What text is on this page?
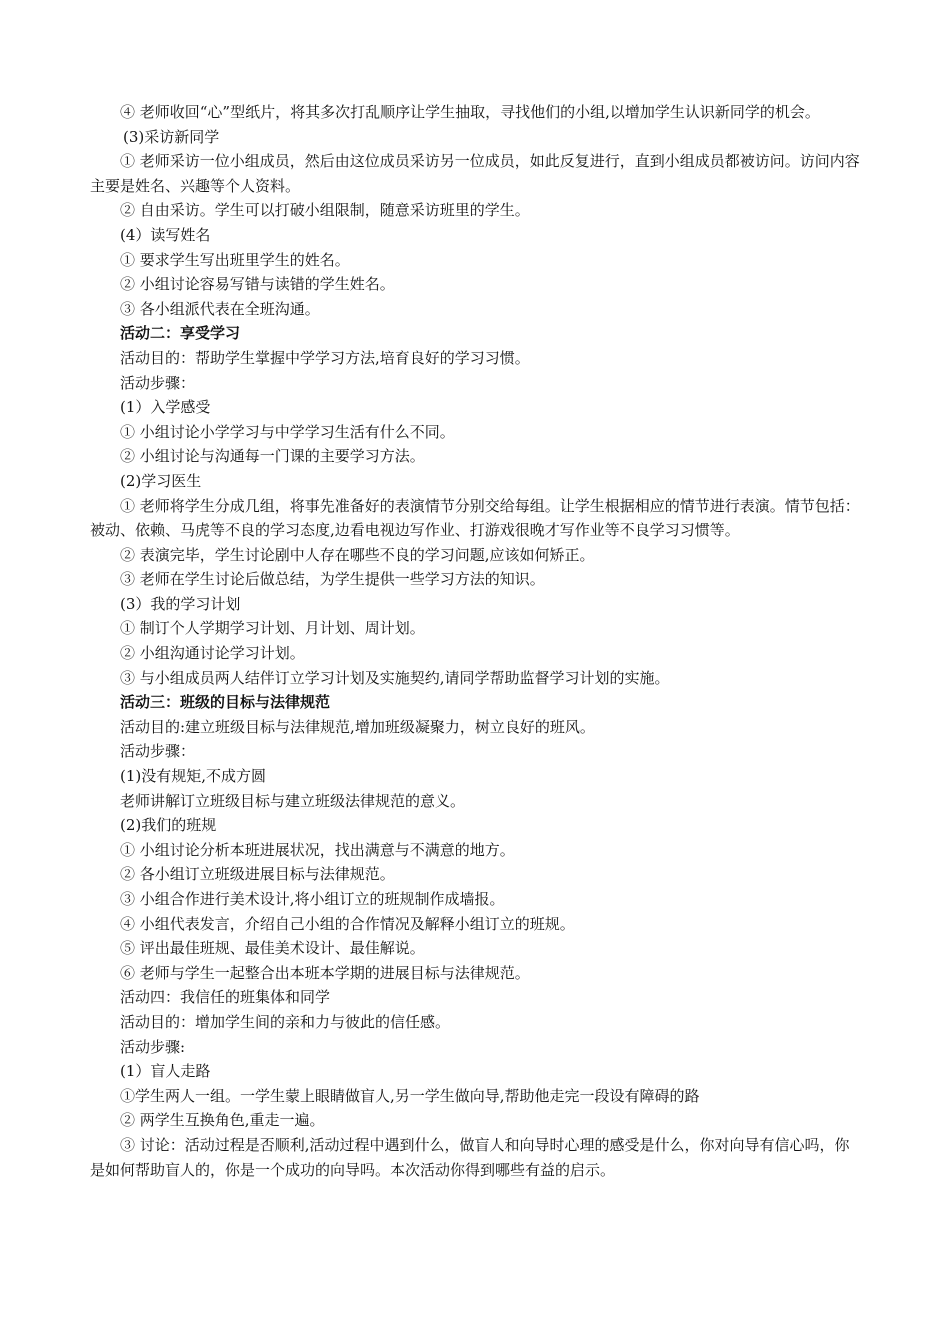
④ 老师收回“心”型纸片，将其多次打乱顺序让学生抽取，寻找他们的小组,以增加学生认识新同学的机会。

(3)采访新同学

① 老师采访一位小组成员，然后由这位成员采访另一位成员，如此反复进行，直到小组成员都被访问。访问内容主要是姓名、兴趣等个人资料。

② 自由采访。学生可以打破小组限制，随意采访班里的学生。

(4）读写姓名

① 要求学生写出班里学生的姓名。

② 小组讨论容易写错与读错的学生姓名。

③ 各小组派代表在全班沟通。

活动二：享受学习

活动目的：帮助学生掌握中学学习方法,培育良好的学习习惯。

活动步骤：

(1）入学感受

① 小组讨论小学学习与中学学习生活有什么不同。

② 小组讨论与沟通每一门课的主要学习方法。

(2)学习医生

① 老师将学生分成几组，将事先准备好的表演情节分别交给每组。让学生根据相应的情节进行表演。情节包括：被动、依赖、马虎等不良的学习态度,边看电视边写作业、打游戏很晚才写作业等不良学习习惯等。

② 表演完毕，学生讨论剧中人存在哪些不良的学习问题,应该如何矫正。

③ 老师在学生讨论后做总结，为学生提供一些学习方法的知识。

(3）我的学习计划

① 制订个人学期学习计划、月计划、周计划。

② 小组沟通讨论学习计划。

③ 与小组成员两人结伴订立学习计划及实施契约,请同学帮助监督学习计划的实施。

活动三：班级的目标与法律规范

活动目的:建立班级目标与法律规范,增加班级凝聚力，树立良好的班风。

活动步骤：

(1)没有规矩,不成方圆

老师讲解订立班级目标与建立班级法律规范的意义。

(2)我们的班规

① 小组讨论分析本班进展状况，找出满意与不满意的地方。

② 各小组订立班级进展目标与法律规范。

③ 小组合作进行美术设计,将小组订立的班规制作成墙报。

④ 小组代表发言，介绍自己小组的合作情况及解释小组订立的班规。

⑤ 评出最佳班规、最佳美术设计、最佳解说。

⑥ 老师与学生一起整合出本班本学期的进展目标与法律规范。

活动四：我信任的班集体和同学

活动目的：增加学生间的亲和力与彼此的信任感。

活动步骤:

(1）盲人走路

①学生两人一组。一学生蒙上眼睛做盲人,另一学生做向导,帮助他走完一段设有障碍的路

② 两学生互换角色,重走一遍。

③ 讨论：活动过程是否顺利,活动过程中遇到什么，做盲人和向导时心理的感受是什么，你对向导有信心吗，你是如何帮助盲人的，你是一个成功的向导吗。本次活动你得到哪些有益的启示。
